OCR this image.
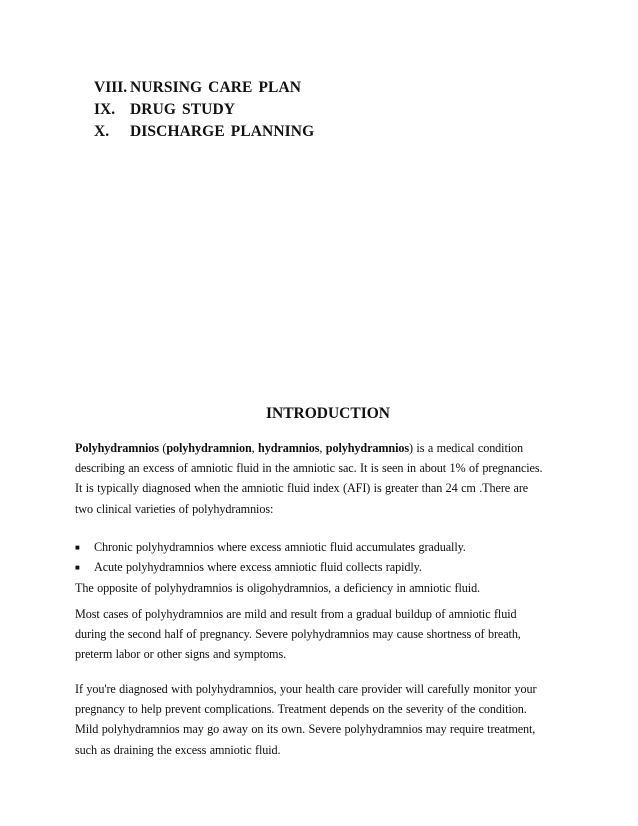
VIII. NURSING CARE PLAN
IX. DRUG STUDY
X.	DISCHARGE PLANNING
INTRODUCTION
Polyhydramnios (polyhydramnion, hydramnios, polyhydramnios) is a medical condition
describing an excess of amniotic fluid in the amniotic sac. It is seen in about 1% of pregnancies.
It is typically diagnosed when the amniotic fluid index (AFI) is greater than 24 cm .There are
two clinical varieties of polyhydramnios:
■	Chronic polyhydramnios where excess amniotic fluid accumulates gradually.
■	Acute polyhydramnios where excess amniotic fluid collects rapidly.
The opposite of polyhydramnios is oligohydramnios, a deficiency in amniotic fluid.
Most cases of polyhydramnios are mild and result from a gradual buildup of amniotic fluid
during the second half of pregnancy. Severe polyhydramnios may cause shortness of breath,
preterm labor or other signs and symptoms.
If you're diagnosed with polyhydramnios, your health care provider will carefully monitor your
pregnancy to help prevent complications. Treatment depends on the severity of the condition.
Mild polyhydramnios may go away on its own. Severe polyhydramnios may require treatment,
such as draining the excess amniotic fluid.
